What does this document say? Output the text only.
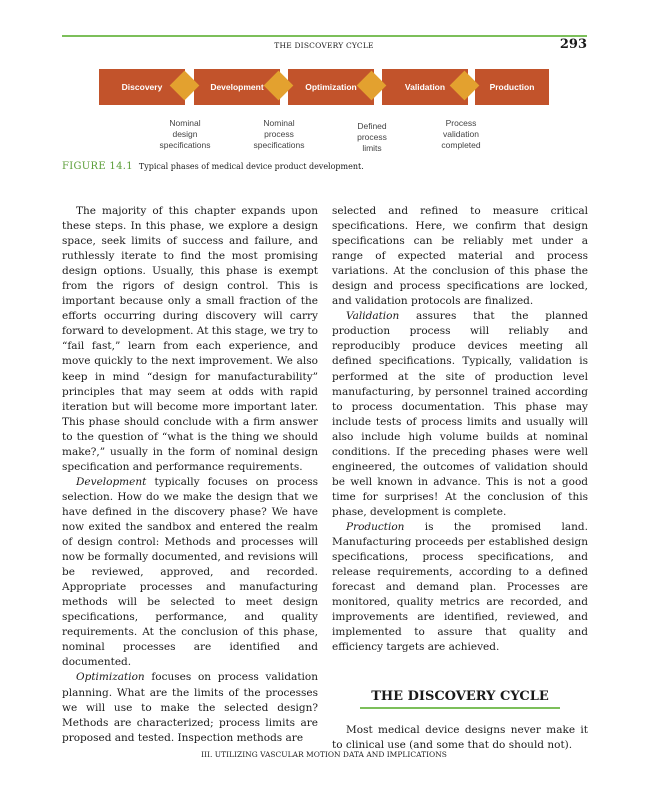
THE DISCOVERY CYCLE	293
Discovery	Development	Optimization	Validation	Production
Nominal
design
specifications
Nominal
process
specifications
Defined
process
limits
Process
validation
completed
FIGURE 14.1 Typical phases of medical device product development.

The majority of this chapter expands upon these steps. In this phase, we explore a design space, seek limits of success and failure, and ruthlessly iterate to find the most promising design options. Usually, this phase is exempt from the rigors of design control. This is important because only a small fraction of the efforts occurring during discovery will carry forward to development. At this stage, we try to “fail fast,” learn from each experience, and move quickly to the next improvement. We also keep in mind “design for manufacturability” principles that may seem at odds with rapid iteration but will become more important later. This phase should conclude with a firm answer to the question of “what is the thing we should make?,” usually in the form of nominal design specification and performance requirements.

Development typically focuses on process selection. How do we make the design that we have defined in the discovery phase? We have now exited the sandbox and entered the realm of design control: Methods and processes will now be formally documented, and revisions will be reviewed, approved, and recorded. Appropriate processes and manufacturing methods will be selected to meet design specifications, performance, and quality requirements. At the conclusion of this phase, nominal processes are identified and documented.

Optimization focuses on process validation planning. What are the limits of the processes we will use to make the selected design? Methods are characterized; process limits are proposed and tested. Inspection methods are

selected and refined to measure critical specifications. Here, we confirm that design specifications can be reliably met under a range of expected material and process variations. At the conclusion of this phase the design and process specifications are locked, and validation protocols are finalized.

Validation assures that the planned production process will reliably and reproducibly produce devices meeting all defined specifications. Typically, validation is performed at the site of production level manufacturing, by personnel trained according to process documentation. This phase may include tests of process limits and usually will also include high volume builds at nominal conditions. If the preceding phases were well engineered, the outcomes of validation should be well known in advance. This is not a good time for surprises! At the conclusion of this phase, development is complete.

Production is the promised land. Manufacturing proceeds per established design specifications, process specifications, and release requirements, according to a defined forecast and demand plan. Processes are monitored, quality metrics are recorded, and improvements are identified, reviewed, and implemented to assure that quality and efficiency targets are achieved.

THE DISCOVERY CYCLE

Most medical device designs never make it to clinical use (and some that do should not).

III. UTILIZING VASCULAR MOTION DATA AND IMPLICATIONS
